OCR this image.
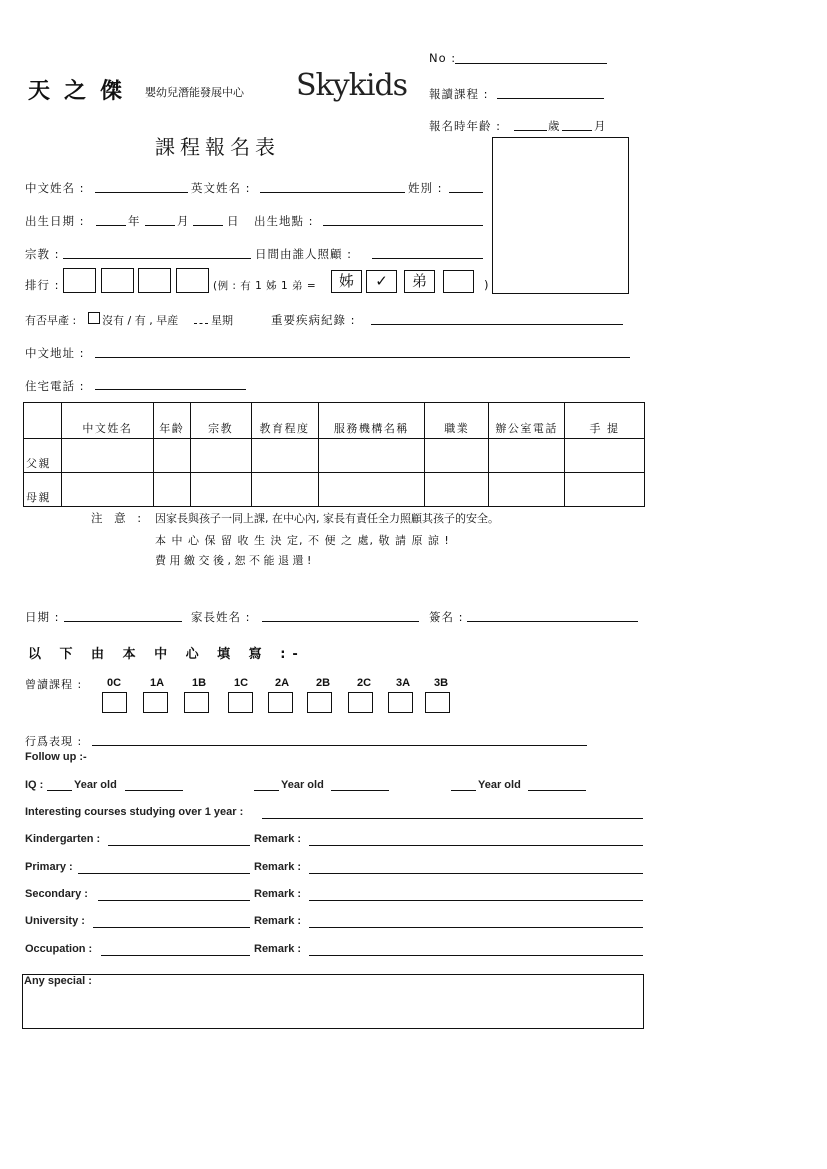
天之傑 嬰幼兒潛能發展中心 Skykids
課程報名表
No :
報讀課程 :
報名時年齡 :	歲	月
中文姓名 :	英文姓名 :	姓別 :
出生日期 :	年	月	日 出生地點 :
宗教 :	日間由誰人照顧 :
排行 :	(例 : 有 1 姊 1 弟 =	姊	✓	弟	)
有否早產 : 沒有 / 有 , 早産	星期	重要疾病紀錄 :
中文地址 :
住宅電話 :
	中文姓名	年齡	宗教	教育程度	服務機構名稱	職業	辦公室電話	手 提
父親								
母親								
注 意 : 因家長與孩子一同上課, 在中心內, 家長有責任全力照顧其孩子的安全。
本 中 心 保 留 收 生 決 定, 不 便 之 處, 敬 請 原 諒 !
費 用 繳 交 後 , 恕 不 能 退 還 !
日期 :	家長姓名 :	簽名 :
以 下 由 本 中 心 填 寫 :-
曾讀課程 :	0C	1A	1B	1C	2A	2B	2C	3A	3B
行爲表現 :
Follow up :-
IQ :	Year old	Year old	Year old
Interesting courses studying over 1 year :
Kindergarten :	Remark :
Primary :	Remark :
Secondary :	Remark :
University :	Remark :
Occupation :	Remark :
Any special :
